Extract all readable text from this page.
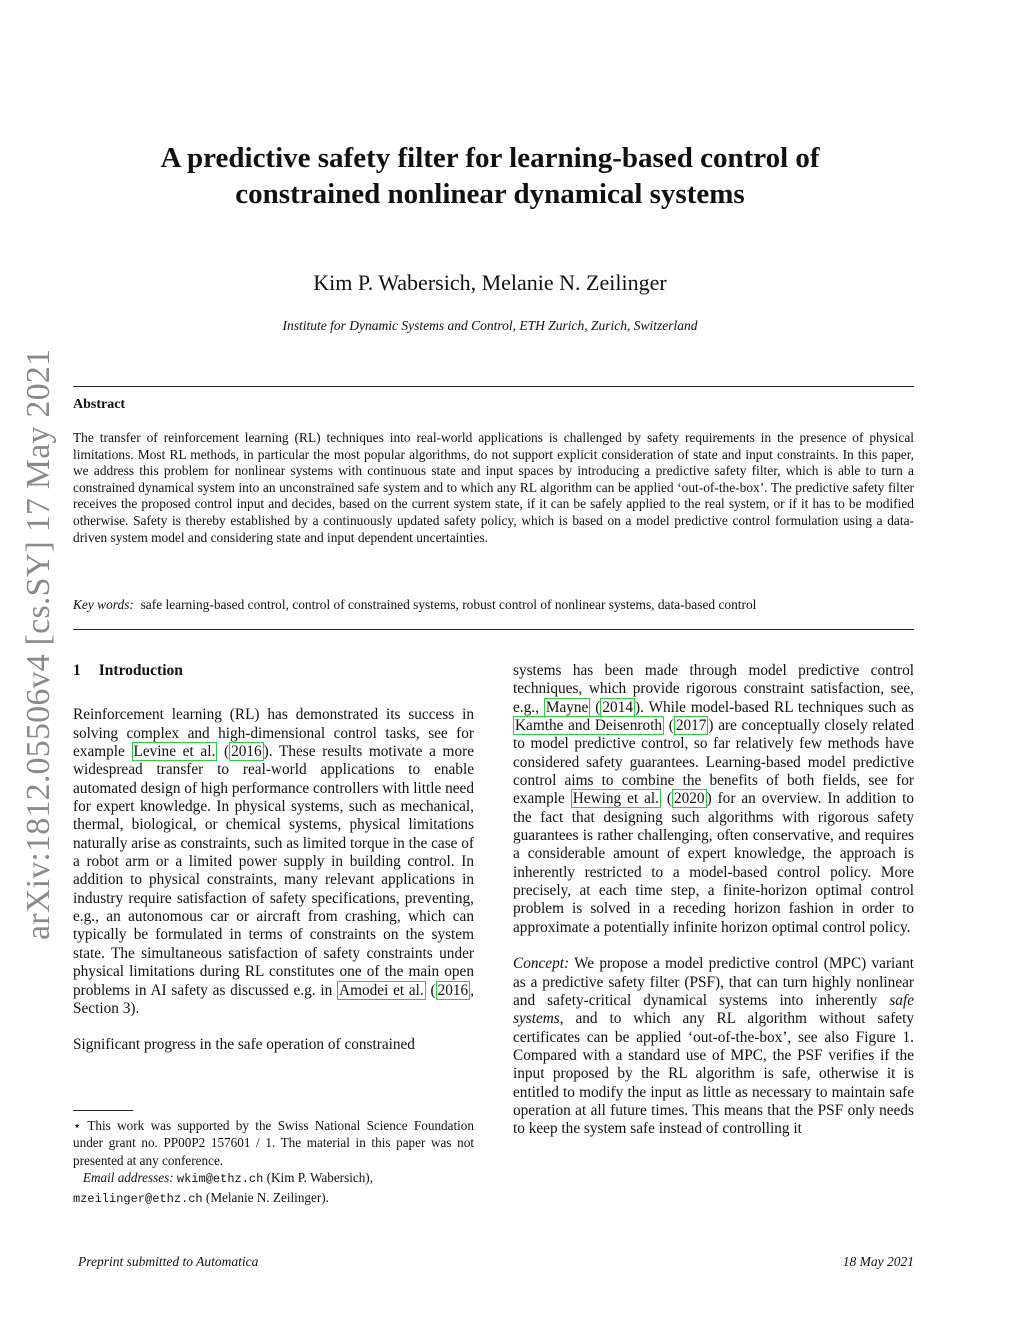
arXiv:1812.05506v4 [cs.SY] 17 May 2021
A predictive safety filter for learning-based control of
constrained nonlinear dynamical systems
Kim P. Wabersich, Melanie N. Zeilinger
Institute for Dynamic Systems and Control, ETH Zurich, Zurich, Switzerland
Abstract
The transfer of reinforcement learning (RL) techniques into real-world applications is challenged by safety requirements in the presence of physical limitations. Most RL methods, in particular the most popular algorithms, do not support explicit consideration of state and input constraints. In this paper, we address this problem for nonlinear systems with continuous state and input spaces by introducing a predictive safety filter, which is able to turn a constrained dynamical system into an unconstrained safe system and to which any RL algorithm can be applied ‘out-of-the-box’. The predictive safety filter receives the proposed control input and decides, based on the current system state, if it can be safely applied to the real system, or if it has to be modified otherwise. Safety is thereby established by a continuously updated safety policy, which is based on a model predictive control formulation using a data-driven system model and considering state and input dependent uncertainties.
Key words: safe learning-based control, control of constrained systems, robust control of nonlinear systems, data-based control
1 Introduction

Reinforcement learning (RL) has demonstrated its success in solving complex and high-dimensional control tasks, see for example Levine et al. ( 2016 ). These results motivate a more widespread transfer to real-world applications to enable automated design of high performance controllers with little need for expert knowledge. In physical systems, such as mechanical, thermal, biological, or chemical systems, physical limitations naturally arise as constraints, such as limited torque in the case of a robot arm or a limited power supply in building control. In addition to physical constraints, many relevant applications in industry require satisfaction of safety specifications, preventing, e.g., an autonomous car or aircraft from crashing, which can typically be formulated in terms of constraints on the system state. The simultaneous satisfaction of safety constraints under physical limitations during RL constitutes one of the main open problems in AI safety as discussed e.g. in Amodei et al. ( 2016 , Section 3).

Significant progress in the safe operation of constrained

⋆ This work was supported by the Swiss National Science Foundation under grant no. PP00P2 157601 / 1. The material in this paper was not presented at any conference.

Email addresses: wkim@ethz.ch (Kim P. Wabersich),
mzeilinger@ethz.ch (Melanie N. Zeilinger).

systems has been made through model predictive control techniques, which provide rigorous constraint satisfaction, see, e.g., Mayne ( 2014 ). While model-based RL techniques such as Kamthe and Deisenroth ( 2017 ) are conceptually closely related to model predictive control, so far relatively few methods have considered safety guarantees. Learning-based model predictive control aims to combine the benefits of both fields, see for example Hewing et al. ( 2020 ) for an overview. In addition to the fact that designing such algorithms with rigorous safety guarantees is rather challenging, often conservative, and requires a considerable amount of expert knowledge, the approach is inherently restricted to a model-based control policy. More precisely, at each time step, a finite-horizon optimal control problem is solved in a receding horizon fashion in order to approximate a potentially infinite horizon optimal control policy.

Concept: We propose a model predictive control (MPC) variant as a predictive safety filter (PSF), that can turn highly nonlinear and safety-critical dynamical systems into inherently safe systems, and to which any RL algorithm without safety certificates can be applied ‘out-of-the-box’, see also Figure 1. Compared with a standard use of MPC, the PSF verifies if the input proposed by the RL algorithm is safe, otherwise it is entitled to modify the input as little as necessary to maintain safe operation at all future times. This means that the PSF only needs to keep the system safe instead of controlling it

Preprint submitted to Automatica	18 May 2021
